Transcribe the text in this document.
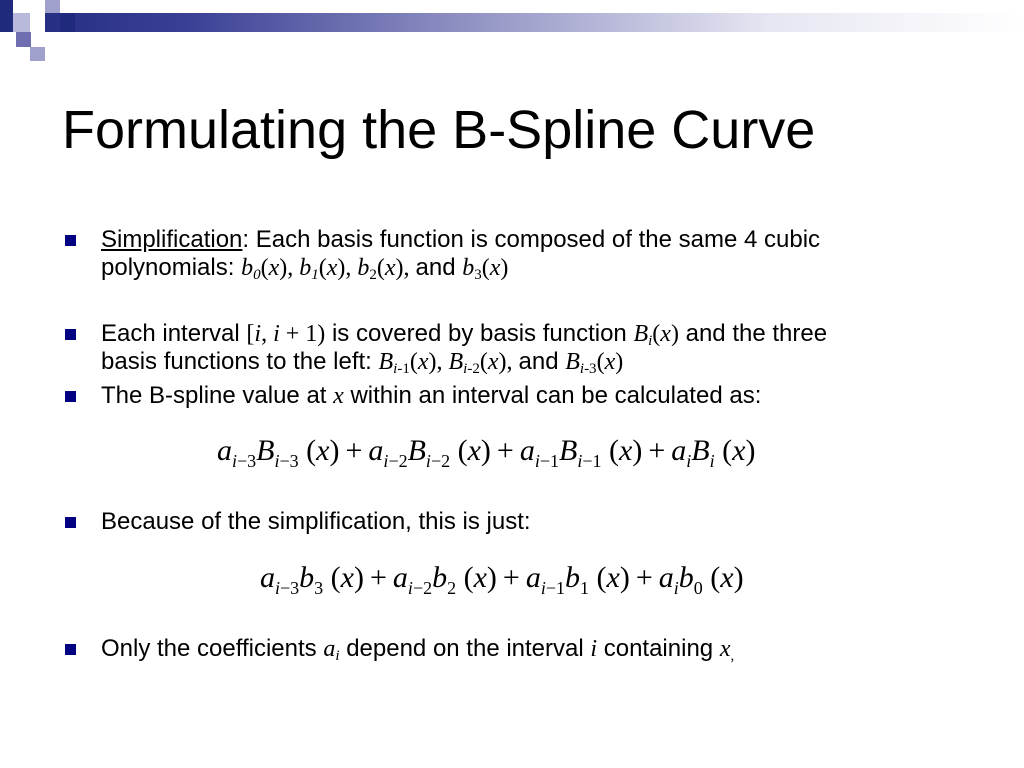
Formulating the B-Spline Curve
Simplification: Each basis function is composed of the same 4 cubic
polynomials: $b_0(x)$, $b_1(x)$, $b_2(x)$, and $b_3(x)$
Each interval [i, i + 1) is covered by basis function $B_i(x)$ and the three
basis functions to the left: $B_{i-1}(x)$, $B_{i-2}(x)$, and $B_{i-3}(x)$
The B-spline value at x within an interval can be calculated as:
$a_{i-3}B_{i-3}$ $(x) + a_{i-2}B_{i-2}$ $(x) + a_{i-1}B_{i-1}$ $(x) + a_iB_i$ (x)
Because of the simplification, this is just:
$a_{i-3}b_3$ $(x) + a_{i-2}b_2$ $(x) + a_{i-1}b_1$ $(x) + a_ib_0$ (x)
Only the coefficients $a_i$ depend on the interval i containing $x_,$
